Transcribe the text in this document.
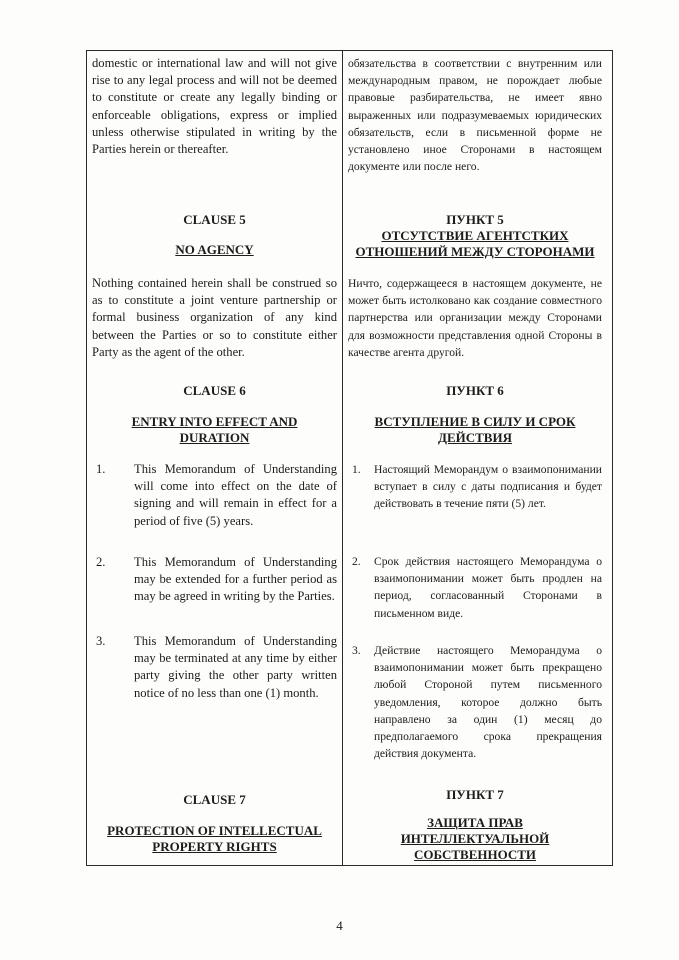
domestic or international law and will not give rise to any legal process and will not be deemed to constitute or create any legally binding or enforceable obligations, express or implied unless otherwise stipulated in writing by the Parties herein or thereafter.

CLAUSE 5
NO AGENCY

Nothing contained herein shall be construed so as to constitute a joint venture partnership or formal business organization of any kind between the Parties or so to constitute either Party as the agent of the other.

CLAUSE 6
ENTRY INTO EFFECT AND
DURATION
1. This Memorandum of Understanding will come into effect on the date of signing and will remain in effect for a period of five (5) years.
2. This Memorandum of Understanding may be extended for a further period as may be agreed in writing by the Parties.
3. This Memorandum of Understanding may be terminated at any time by either party giving the other party written notice of no less than one (1) month.
CLAUSE 7
PROTECTION OF INTELLECTUAL
PROPERTY RIGHTS

обязательства в соответствии с внутренним или международным правом, не порождает любые правовые разбирательства, не имеет явно выраженных или подразумеваемых юридических обязательств, если в письменной форме не установлено иное Сторонами в настоящем документе или после него.

ПУНКТ 5
ОТСУТСТВИЕ АГЕНТСТКИХ
ОТНОШЕНИЙ МЕЖДУ СТОРОНАМИ

Ничто, содержащееся в настоящем документе, не может быть истолковано как создание совместного партнерства или организации между Сторонами для возможности представления одной Стороны в качестве агента другой.

ПУНКТ 6
ВСТУПЛЕНИЕ В СИЛУ И СРОК
ДЕЙСТВИЯ
1. Настоящий Меморандум о взаимопонимании вступает в силу с даты подписания и будет действовать в течение пяти (5) лет.
2. Срок действия настоящего Меморандума о взаимопонимании может быть продлен на период, согласованный Сторонами в письменном виде.
3. Действие настоящего Меморандума о взаимопонимании может быть прекращено любой Стороной путем письменного уведомления, которое должно быть направлено за один (1) месяц до предполагаемого срока прекращения действия документа.
ПУНКТ 7
ЗАЩИТА ПРАВ
ИНТЕЛЛЕКТУАЛЬНОЙ
СОБСТВЕННОСТИ
4
